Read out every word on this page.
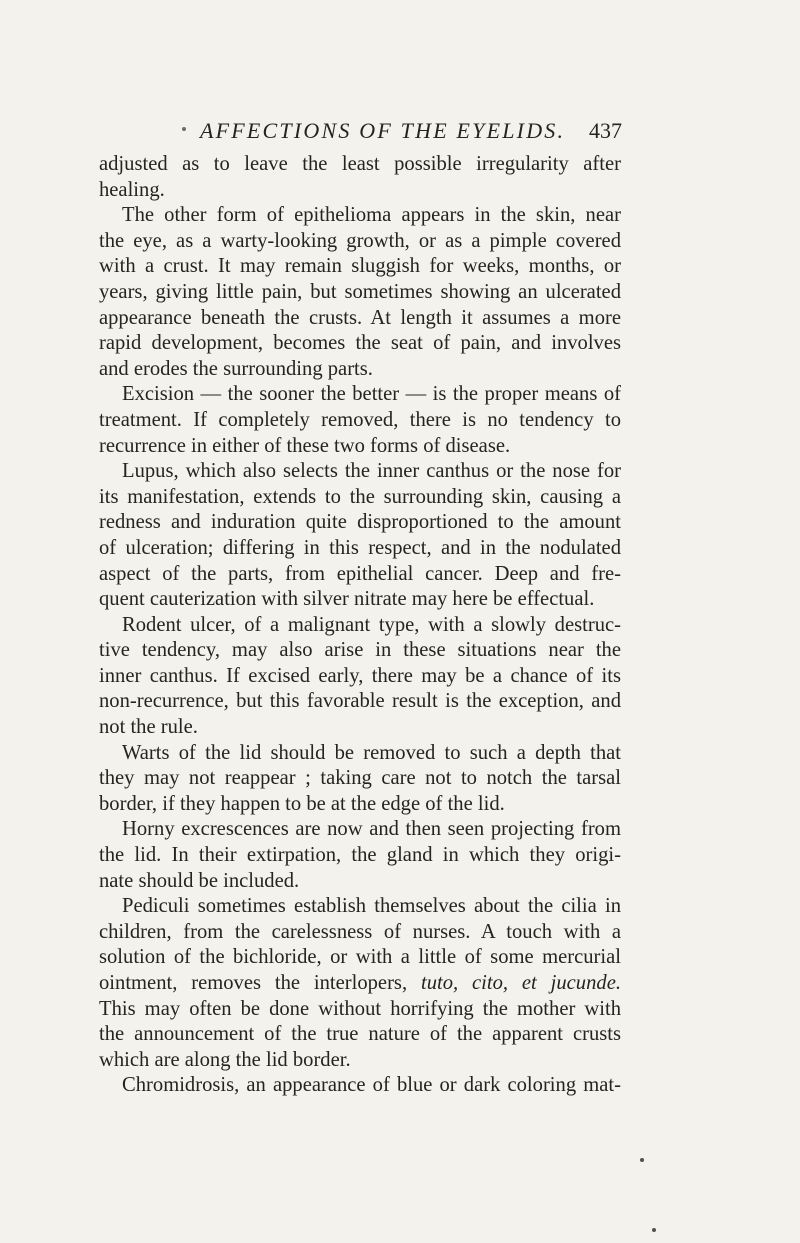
AFFECTIONS OF THE EYELIDS. 437
adjusted as to leave the least possible irregularity after
healing.
The other form of epithelioma appears in the skin, near
the eye, as a warty-looking growth, or as a pimple covered
with a crust. It may remain sluggish for weeks, months, or
years, giving little pain, but sometimes showing an ulcerated
appearance beneath the crusts. At length it assumes a more
rapid development, becomes the seat of pain, and involves
and erodes the surrounding parts.
Excision — the sooner the better — is the proper means of
treatment. If completely removed, there is no tendency to
recurrence in either of these two forms of disease.
Lupus, which also selects the inner canthus or the nose for
its manifestation, extends to the surrounding skin, causing a
redness and induration quite disproportioned to the amount
of ulceration; differing in this respect, and in the nodulated
aspect of the parts, from epithelial cancer. Deep and fre-
quent cauterization with silver nitrate may here be effectual.
Rodent ulcer, of a malignant type, with a slowly destruc-
tive tendency, may also arise in these situations near the
inner canthus. If excised early, there may be a chance of its
non-recurrence, but this favorable result is the exception, and
not the rule.
Warts of the lid should be removed to such a depth that
they may not reappear ; taking care not to notch the tarsal
border, if they happen to be at the edge of the lid.
Horny excrescences are now and then seen projecting from
the lid. In their extirpation, the gland in which they origi-
nate should be included.
Pediculi sometimes establish themselves about the cilia in
children, from the carelessness of nurses. A touch with a
solution of the bichloride, or with a little of some mercurial
ointment, removes the interlopers, tuto, cito, et jucunde.
This may often be done without horrifying the mother with
the announcement of the true nature of the apparent crusts
which are along the lid border.
Chromidrosis, an appearance of blue or dark coloring mat-
